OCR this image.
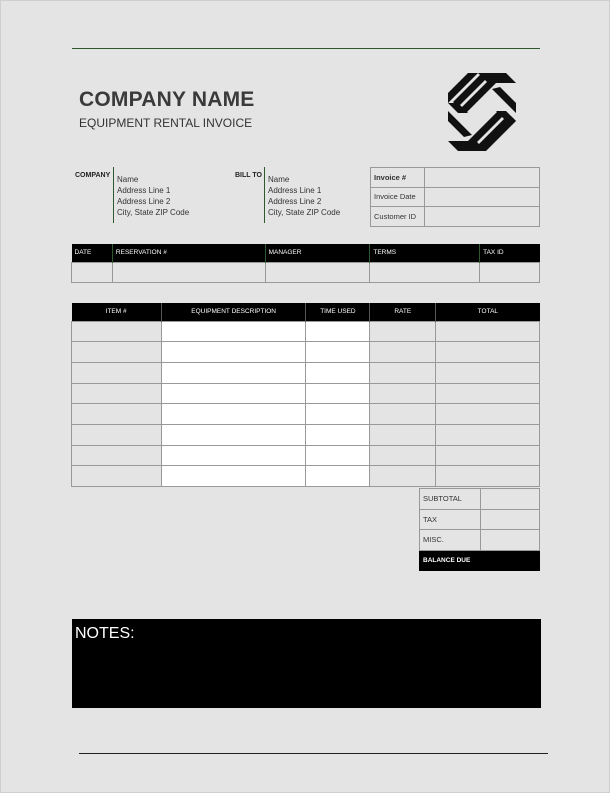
COMPANY NAME
EQUIPMENT RENTAL INVOICE
COMPANY Name
Address Line 1
Address Line 2
City, State ZIP Code
BILL TO Name
Address Line 1
Address Line 2
City, State ZIP Code
Invoice #	
Invoice Date	
Customer ID	
DATE	RESERVATION #	MANAGER	TERMS	TAX ID

ITEM #	EQUIPMENT DESCRIPTION	TIME USED	RATE	TOTAL

SUBTOTAL	
TAX	
MISC.	
BALANCE DUE	
NOTES:
